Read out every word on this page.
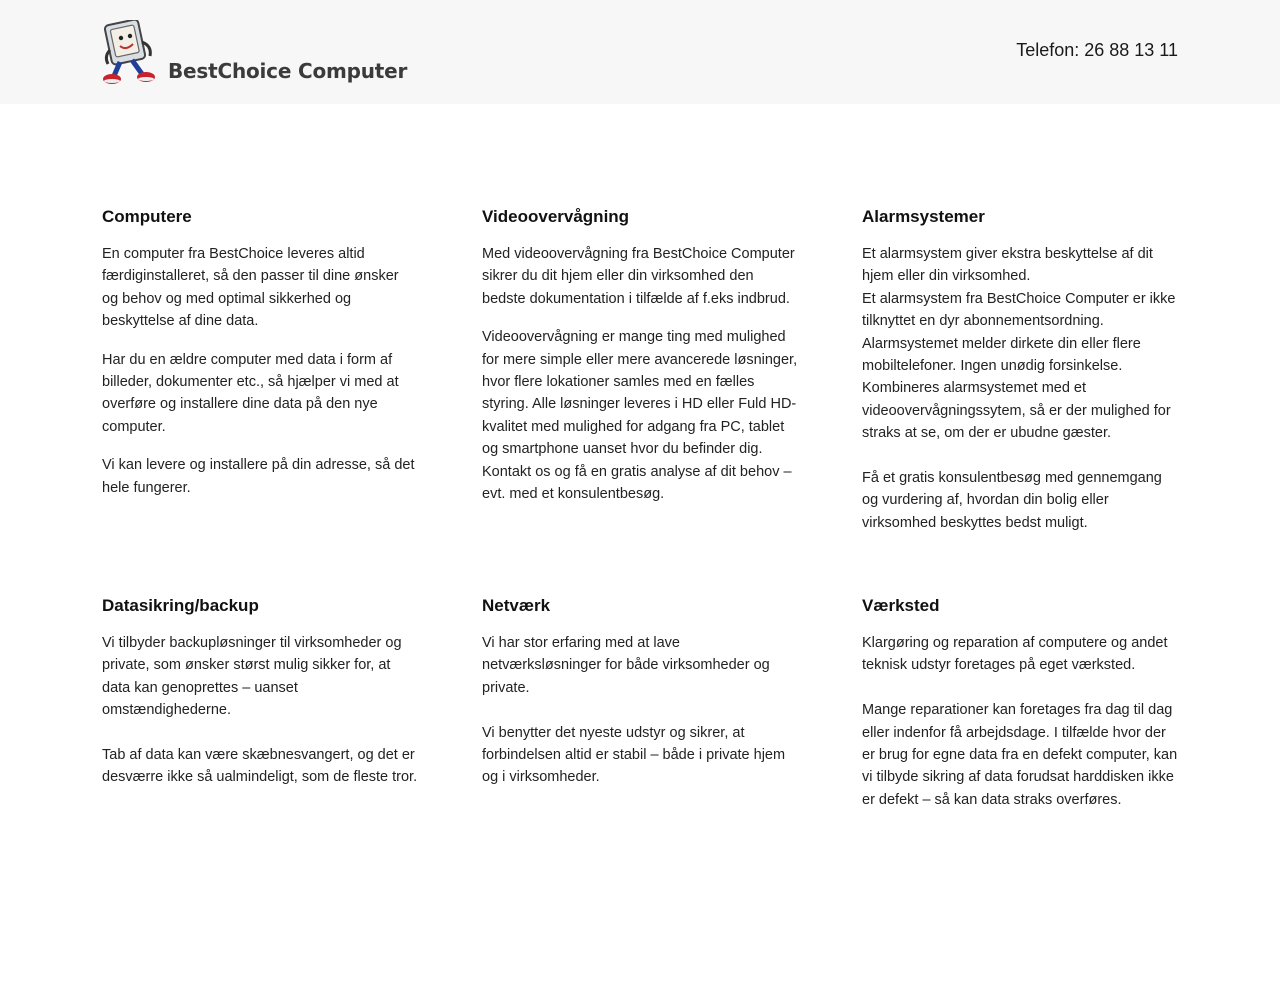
BestChoice Computer
Telefon: 26 88 13 11
Computere

En computer fra BestChoice leveres altid færdiginstalleret, så den passer til dine ønsker og behov og med optimal sikkerhed og beskyttelse af dine data.

Har du en ældre computer med data i form af billeder, dokumenter etc., så hjælper vi med at overføre og installere dine data på den nye computer.

Vi kan levere og installere på din adresse, så det hele fungerer.

Videoovervågning

Med videoovervågning fra BestChoice Computer sikrer du dit hjem eller din virksomhed den bedste dokumentation i tilfælde af f.eks indbrud.

Videoovervågning er mange ting med mulighed for mere simple eller mere avancerede løsninger, hvor flere lokationer samles med en fælles styring. Alle løsninger leveres i HD eller Fuld HD-kvalitet med mulighed for adgang fra PC, tablet og smartphone uanset hvor du befinder dig. Kontakt os og få en gratis analyse af dit behov – evt. med et konsulentbesøg.

Alarmsystemer

Et alarmsystem giver ekstra beskyttelse af dit hjem eller din virksomhed.
Et alarmsystem fra BestChoice Computer er ikke tilknyttet en dyr abonnementsordning. Alarmsystemet melder dirkete din eller flere mobiltelefoner. Ingen unødig forsinkelse. Kombineres alarmsystemet med et videoovervågningssytem, så er der mulighed for straks at se, om der er ubudne gæster.

Få et gratis konsulentbesøg med gennemgang og vurdering af, hvordan din bolig eller virksomhed beskyttes bedst muligt.

Datasikring/backup

Vi tilbyder backupløsninger til virksomheder og private, som ønsker størst mulig sikker for, at data kan genoprettes – uanset omstændighederne.

Tab af data kan være skæbnesvangert, og det er desværre ikke så ualmindeligt, som de fleste tror.

Netværk

Vi har stor erfaring med at lave netværksløsninger for både virksomheder og private.

Vi benytter det nyeste udstyr og sikrer, at forbindelsen altid er stabil – både i private hjem og i virksomheder.

Værksted

Klargøring og reparation af computere og andet teknisk udstyr foretages på eget værksted.

Mange reparationer kan foretages fra dag til dag eller indenfor få arbejdsdage. I tilfælde hvor der er brug for egne data fra en defekt computer, kan vi tilbyde sikring af data forudsat harddisken ikke er defekt – så kan data straks overføres.
